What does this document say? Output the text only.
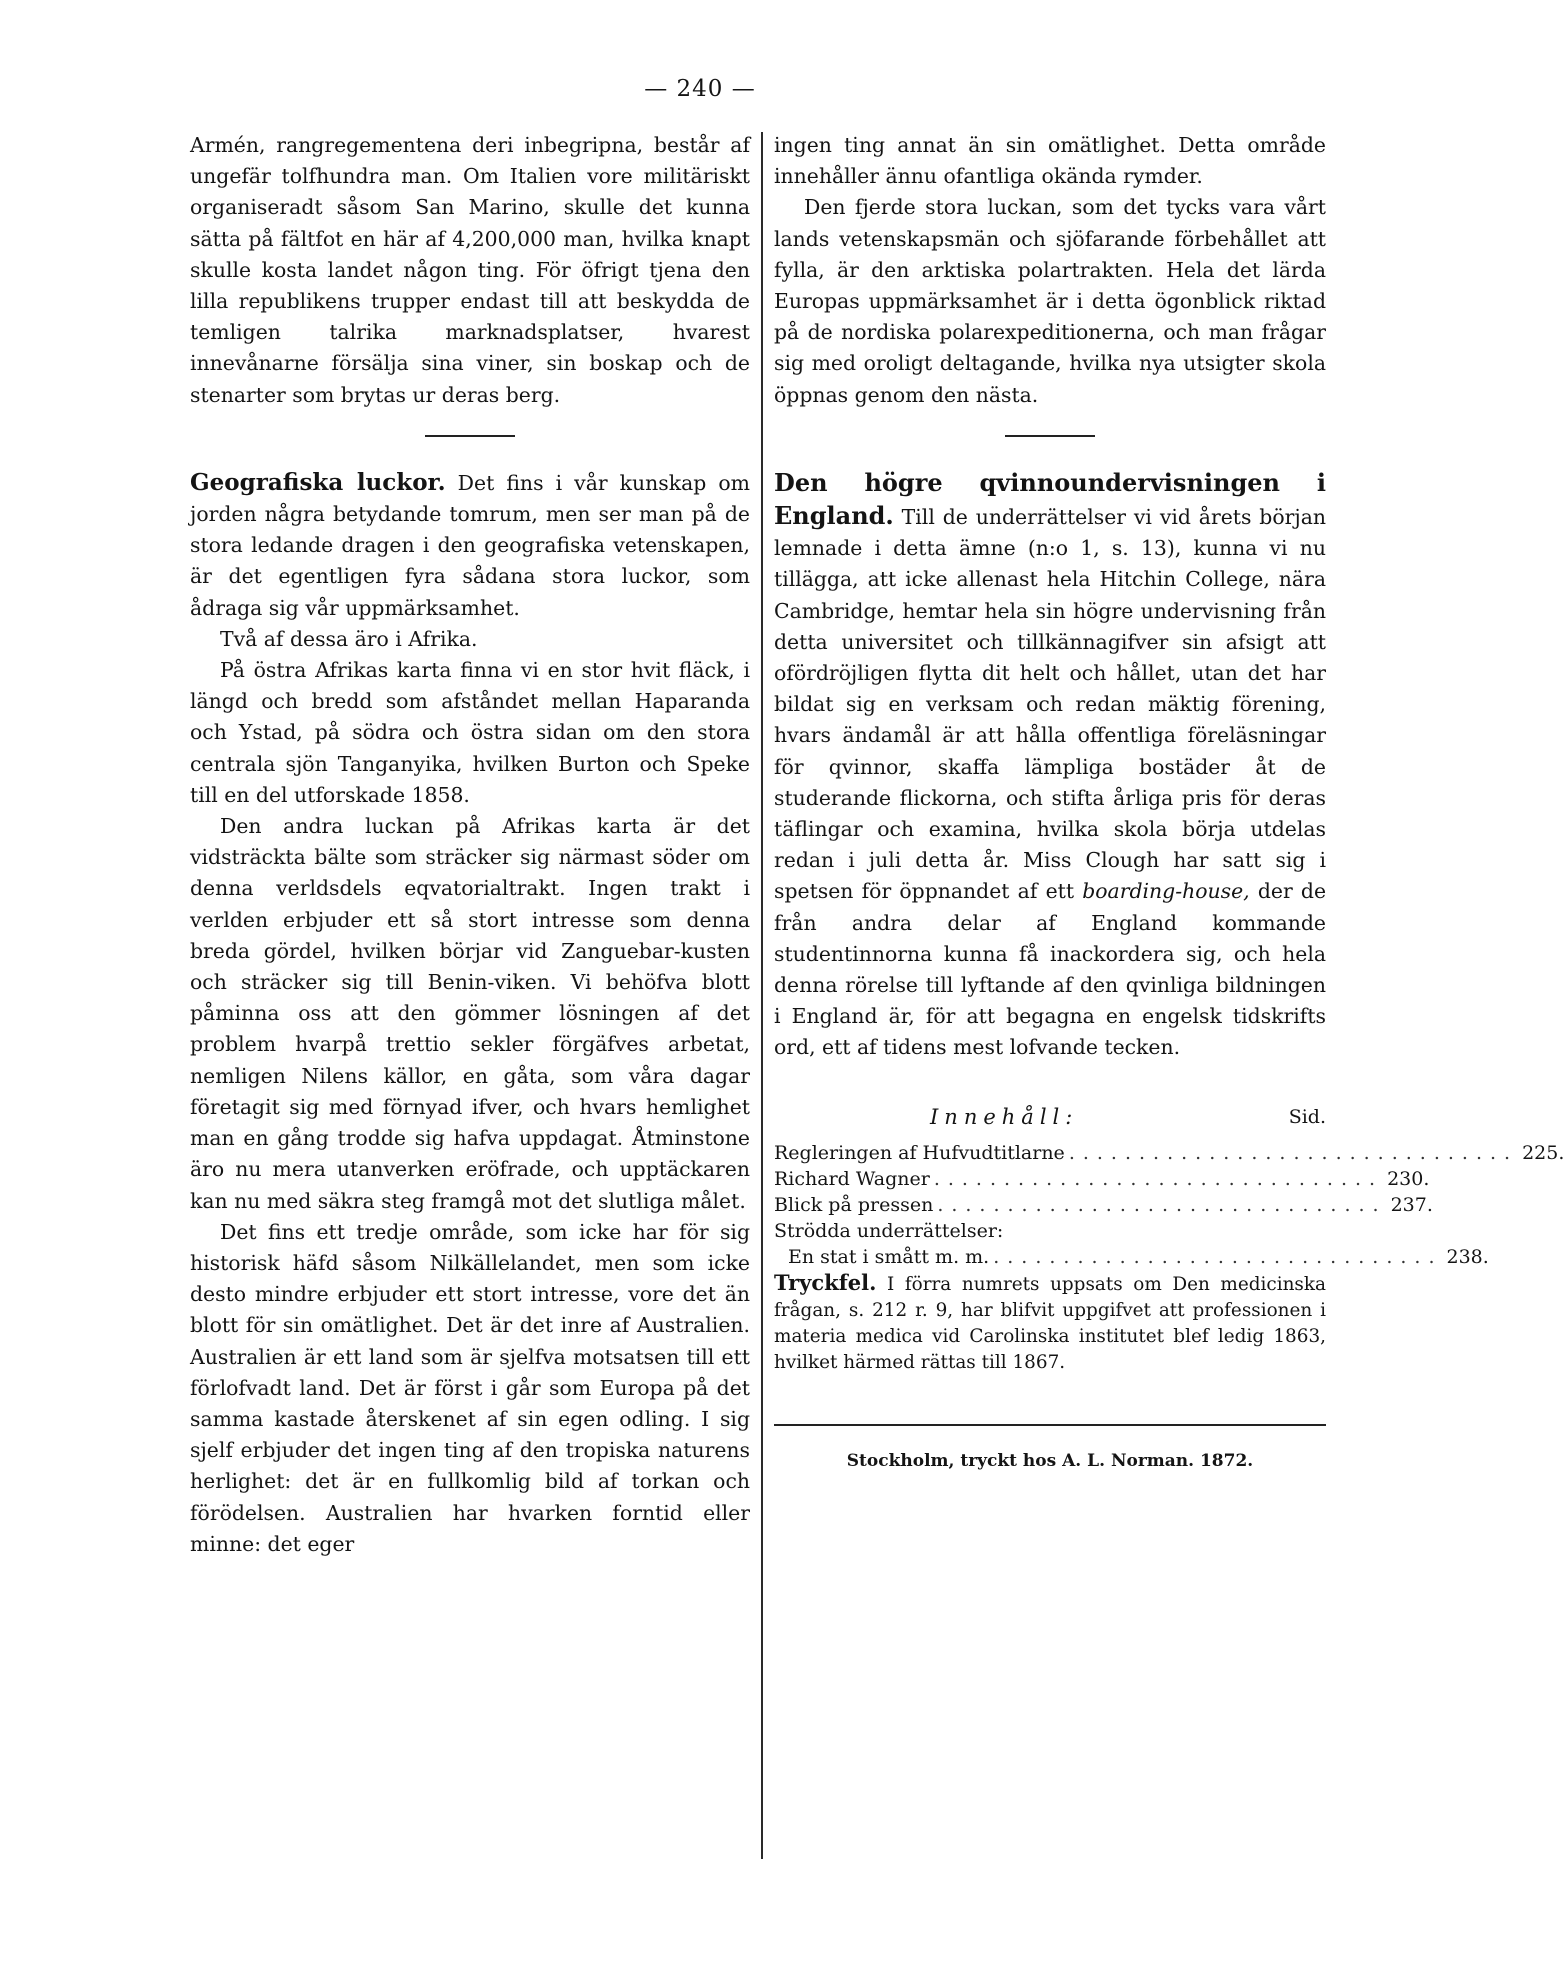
— 240 —

Armén, rangregementena deri inbegripna, består af ungefär tolfhundra man. Om Italien vore militäriskt organiseradt såsom San Marino, skulle det kunna sätta på fältfot en här af 4,200,000 man, hvilka knapt skulle kosta landet någon ting. För öfrigt tjena den lilla republikens trupper endast till att beskydda de temligen talrika marknadsplatser, hvarest innevånarne försälja sina viner, sin boskap och de stenarter som brytas ur deras berg.

Geografiska luckor. Det fins i vår kunskap om jorden några betydande tomrum, men ser man på de stora ledande dragen i den geografiska vetenskapen, är det egentligen fyra sådana stora luckor, som ådraga sig vår uppmärksamhet.

Två af dessa äro i Afrika.

På östra Afrikas karta finna vi en stor hvit fläck, i längd och bredd som afståndet mellan Haparanda och Ystad, på södra och östra sidan om den stora centrala sjön Tanganyika, hvilken Burton och Speke till en del utforskade 1858.

Den andra luckan på Afrikas karta är det vidsträckta bälte som sträcker sig närmast söder om denna verldsdels eqvatorialtrakt. Ingen trakt i verlden erbjuder ett så stort intresse som denna breda gördel, hvilken börjar vid Zanguebar-kusten och sträcker sig till Benin-viken. Vi behöfva blott påminna oss att den gömmer lösningen af det problem hvarpå trettio sekler förgäfves arbetat, nemligen Nilens källor, en gåta, som våra dagar företagit sig med förnyad ifver, och hvars hemlighet man en gång trodde sig hafva uppdagat. Åtminstone äro nu mera utanverken eröfrade, och upptäckaren kan nu med säkra steg framgå mot det slutliga målet.

Det fins ett tredje område, som icke har för sig historisk häfd såsom Nilkällelandet, men som icke desto mindre erbjuder ett stort intresse, vore det än blott för sin omätlighet. Det är det inre af Australien. Australien är ett land som är sjelfva motsatsen till ett förlofvadt land. Det är först i går som Europa på det samma kastade återskenet af sin egen odling. I sig sjelf erbjuder det ingen ting af den tropiska naturens herlighet: det är en fullkomlig bild af torkan och förödelsen. Australien har hvarken forntid eller minne: det eger

ingen ting annat än sin omätlighet. Detta område innehåller ännu ofantliga okända rymder.

Den fjerde stora luckan, som det tycks vara vårt lands vetenskapsmän och sjöfarande förbehållet att fylla, är den arktiska polartrakten. Hela det lärda Europas uppmärksamhet är i detta ögonblick riktad på de nordiska polarexpeditionerna, och man frågar sig med oroligt deltagande, hvilka nya utsigter skola öppnas genom den nästa.

Den högre qvinnoundervisningen i England. Till de underrättelser vi vid årets början lemnade i detta ämne (n:o 1, s. 13), kunna vi nu tillägga, att icke allenast hela Hitchin College, nära Cambridge, hemtar hela sin högre undervisning från detta universitet och tillkännagifver sin afsigt att ofördröjligen flytta dit helt och hållet, utan det har bildat sig en verksam och redan mäktig förening, hvars ändamål är att hålla offentliga föreläsningar för qvinnor, skaffa lämpliga bostäder åt de studerande flickorna, och stifta årliga pris för deras täflingar och examina, hvilka skola börja utdelas redan i juli detta år. Miss Clough har satt sig i spetsen för öppnandet af ett boarding-house, der de från andra delar af England kommande studentinnorna kunna få inackordera sig, och hela denna rörelse till lyftande af den qvinliga bildningen i England är, för att begagna en engelsk tidskrifts ord, ett af tidens mest lofvande tecken.

Innehåll:	Sid.
Regleringen af Hufvudtitlarne ................................ 225.
Richard Wagner ................................ 230.
Blick på pressen ................................ 237.
Strödda underrättelser:
En stat i smått m. m. ................................ 238.

Tryckfel. I förra numrets uppsats om Den medicinska frågan, s. 212 r. 9, har blifvit uppgifvet att professionen i materia medica vid Carolinska institutet blef ledig 1863, hvilket härmed rättas till 1867.

Stockholm, tryckt hos A. L. Norman. 1872.
